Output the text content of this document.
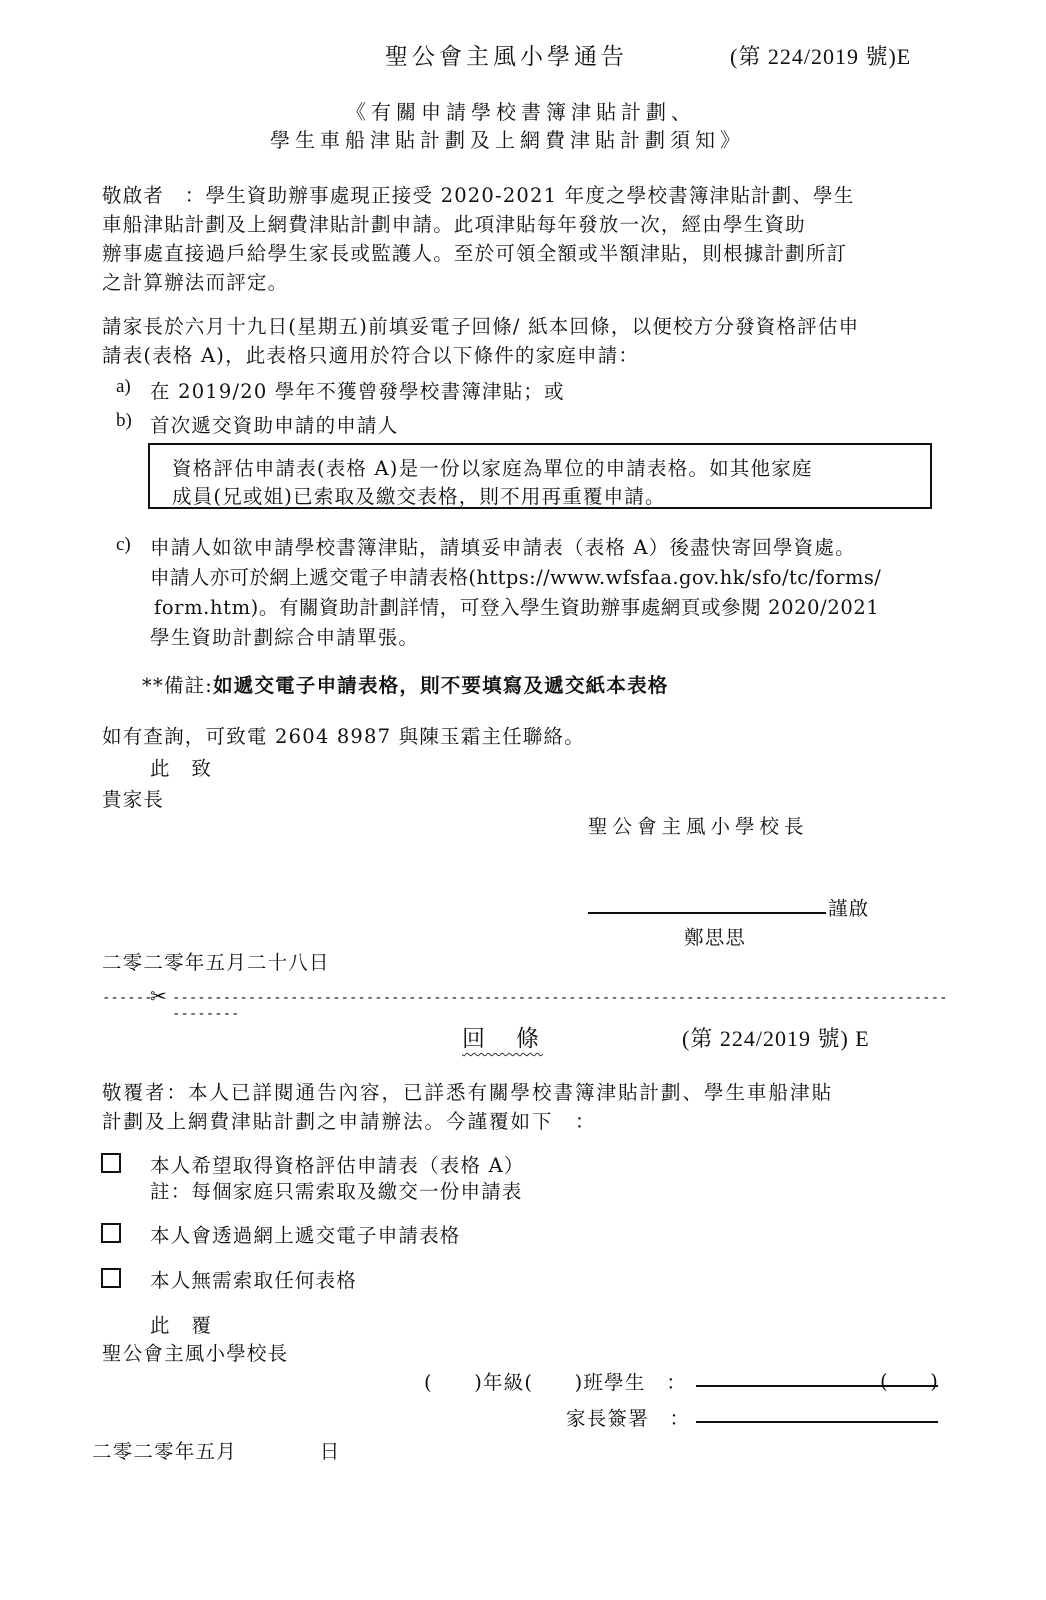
聖公會主風小學通告	(第 224/2019 號)E
《有關申請學校書簿津貼計劃、
學生車船津貼計劃及上網費津貼計劃須知》
敬啟者　：學生資助辦事處現正接受 2020-2021 年度之學校書簿津貼計劃、學生
車船津貼計劃及上網費津貼計劃申請。此項津貼每年發放一次，經由學生資助
辦事處直接過戶給學生家長或監護人。至於可領全額或半額津貼，則根據計劃所訂
之計算辦法而評定。
請家長於六月十九日(星期五)前填妥電子回條/ 紙本回條，以便校方分發資格評估申
請表(表格 A)，此表格只適用於符合以下條件的家庭申請：
a) 在 2019/20 學年不獲曾發學校書簿津貼；或
b) 首次遞交資助申請的申請人
資格評估申請表(表格 A)是一份以家庭為單位的申請表格。如其他家庭
成員(兄或姐)已索取及繳交表格，則不用再重覆申請。
c) 申請人如欲申請學校書簿津貼，請填妥申請表（表格 A）後盡快寄回學資處。
申請人亦可於網上遞交電子申請表格(https://www.wfsfaa.gov.hk/sfo/tc/forms/
form.htm)。有關資助計劃詳情，可登入學生資助辦事處網頁或參閱 2020/2021
學生資助計劃綜合申請單張。
**備註:如遞交電子申請表格，則不要填寫及遞交紙本表格
如有查詢，可致電 2604 8987 與陳玉霜主任聯絡。
此　致
貴家長
聖公會主風小學校長
謹啟
鄭思思
二零二零年五月二十八日
------
✂ ----------------------------------------------------------------------------------------------------
回　條	(第 224/2019 號) E
敬覆者：本人已詳閱通告內容，已詳悉有關學校書簿津貼計劃、學生車船津貼
計劃及上網費津貼計劃之申請辦法。今謹覆如下　：
本人希望取得資格評估申請表（表格 A）
註：每個家庭只需索取及繳交一份申請表
本人會透過網上遞交電子申請表格
本人無需索取任何表格
此　覆
聖公會主風小學校長
(　　)年級(　　)班學生　：	(　　)
家長簽署　：
二零二零年五月　　　　日
